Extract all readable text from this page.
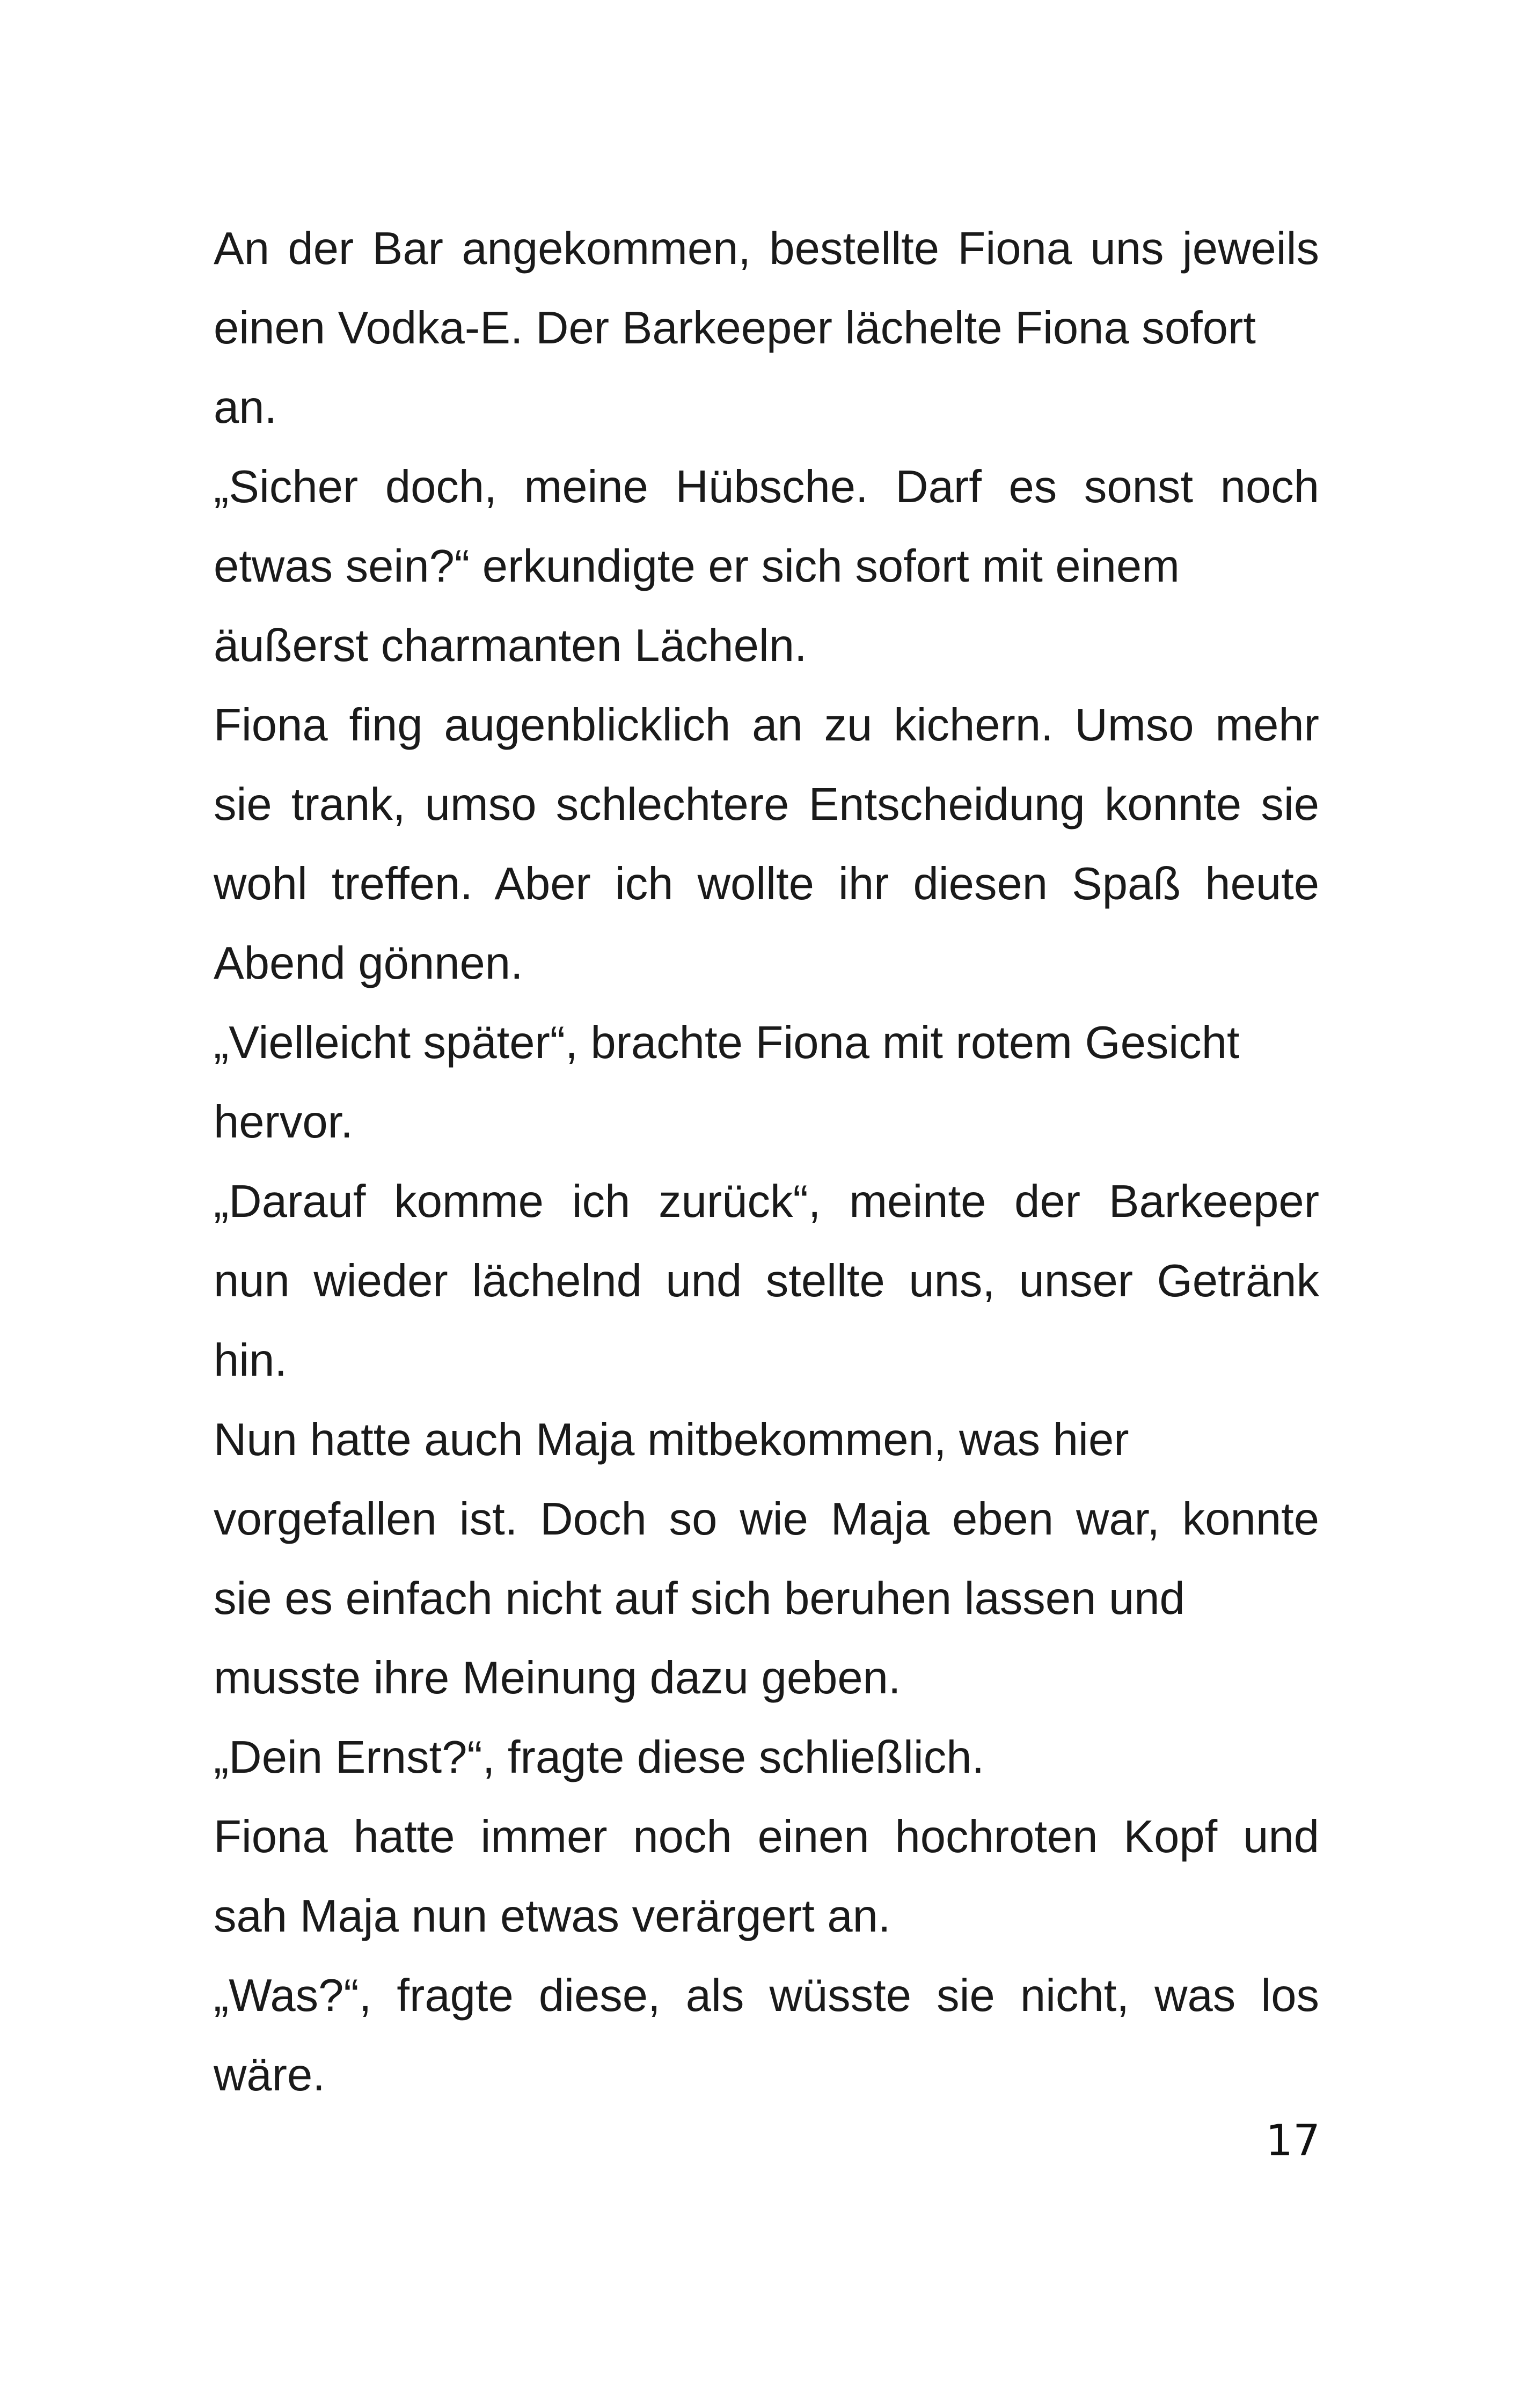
An der Bar angekommen, bestellte Fiona uns jeweils
einen Vodka-E. Der Barkeeper lächelte Fiona sofort
an.
„Sicher doch, meine Hübsche. Darf es sonst noch
etwas sein?“ erkundigte er sich sofort mit einem
äußerst charmanten Lächeln.
Fiona fing augenblicklich an zu kichern. Umso mehr
sie trank, umso schlechtere Entscheidung konnte sie
wohl treffen. Aber ich wollte ihr diesen Spaß heute
Abend gönnen.
„Vielleicht später“, brachte Fiona mit rotem Gesicht
hervor.
„Darauf komme ich zurück“, meinte der Barkeeper
nun wieder lächelnd und stellte uns, unser Getränk
hin.
Nun hatte auch Maja mitbekommen, was hier
vorgefallen ist. Doch so wie Maja eben war, konnte
sie es einfach nicht auf sich beruhen lassen und
musste ihre Meinung dazu geben.
„Dein Ernst?“, fragte diese schließlich.
Fiona hatte immer noch einen hochroten Kopf und
sah Maja nun etwas verärgert an.
„Was?“, fragte diese, als wüsste sie nicht, was los
wäre.
17
